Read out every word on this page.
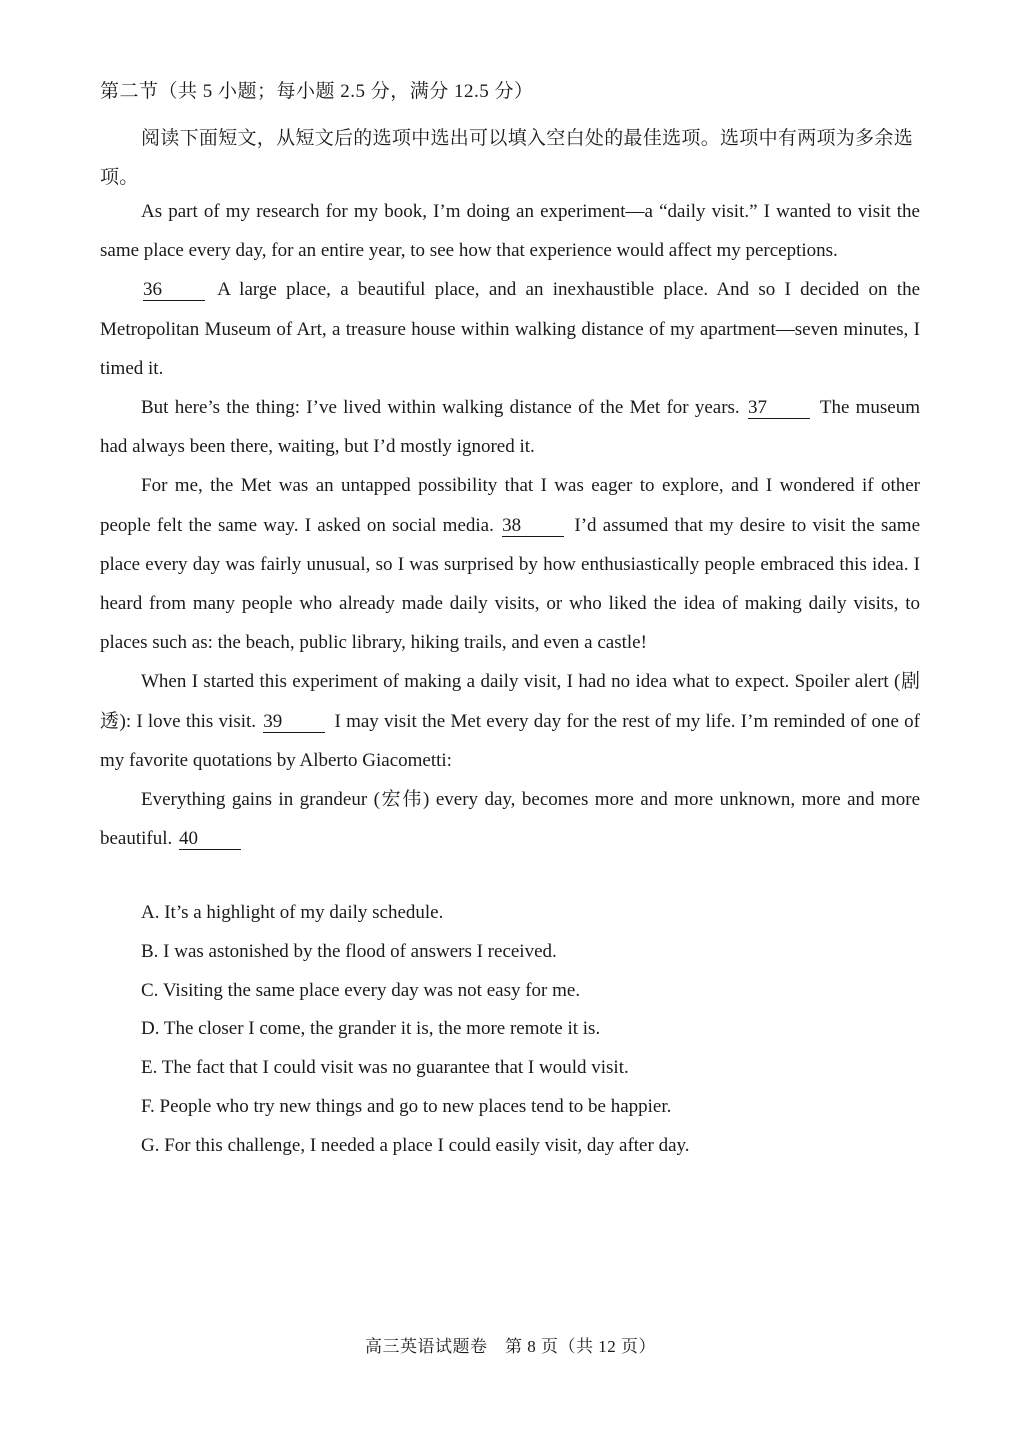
第二节（共 5 小题；每小题 2.5 分，满分 12.5 分）

阅读下面短文，从短文后的选项中选出可以填入空白处的最佳选项。选项中有两项为多余选项。

As part of my research for my book, I’m doing an experiment—a “daily visit.” I wanted to visit the same place every day, for an entire year, to see how that experience would affect my perceptions.

36	A large place, a beautiful place, and an inexhaustible place. And so I decided on the Metropolitan Museum of Art, a treasure house within walking distance of my apartment—seven minutes, I timed it.

But here’s the thing: I’ve lived within walking distance of the Met for years. 37	The museum had always been there, waiting, but I’d mostly ignored it.

For me, the Met was an untapped possibility that I was eager to explore, and I wondered if other people felt the same way. I asked on social media. 38	I’d assumed that my desire to visit the same place every day was fairly unusual, so I was surprised by how enthusiastically people embraced this idea. I heard from many people who already made daily visits, or who liked the idea of making daily visits, to places such as: the beach, public library, hiking trails, and even a castle!

When I started this experiment of making a daily visit, I had no idea what to expect. Spoiler alert (剧透): I love this visit. 39	I may visit the Met every day for the rest of my life. I’m reminded of one of my favorite quotations by Alberto Giacometti:

Everything gains in grandeur (宏伟) every day, becomes more and more unknown, more and more beautiful. 40

A. It’s a highlight of my daily schedule.
B. I was astonished by the flood of answers I received.
C. Visiting the same place every day was not easy for me.
D. The closer I come, the grander it is, the more remote it is.
E. The fact that I could visit was no guarantee that I would visit.
F. People who try new things and go to new places tend to be happier.
G. For this challenge, I needed a place I could easily visit, day after day.
高三英语试题卷　第 8 页（共 12 页）
